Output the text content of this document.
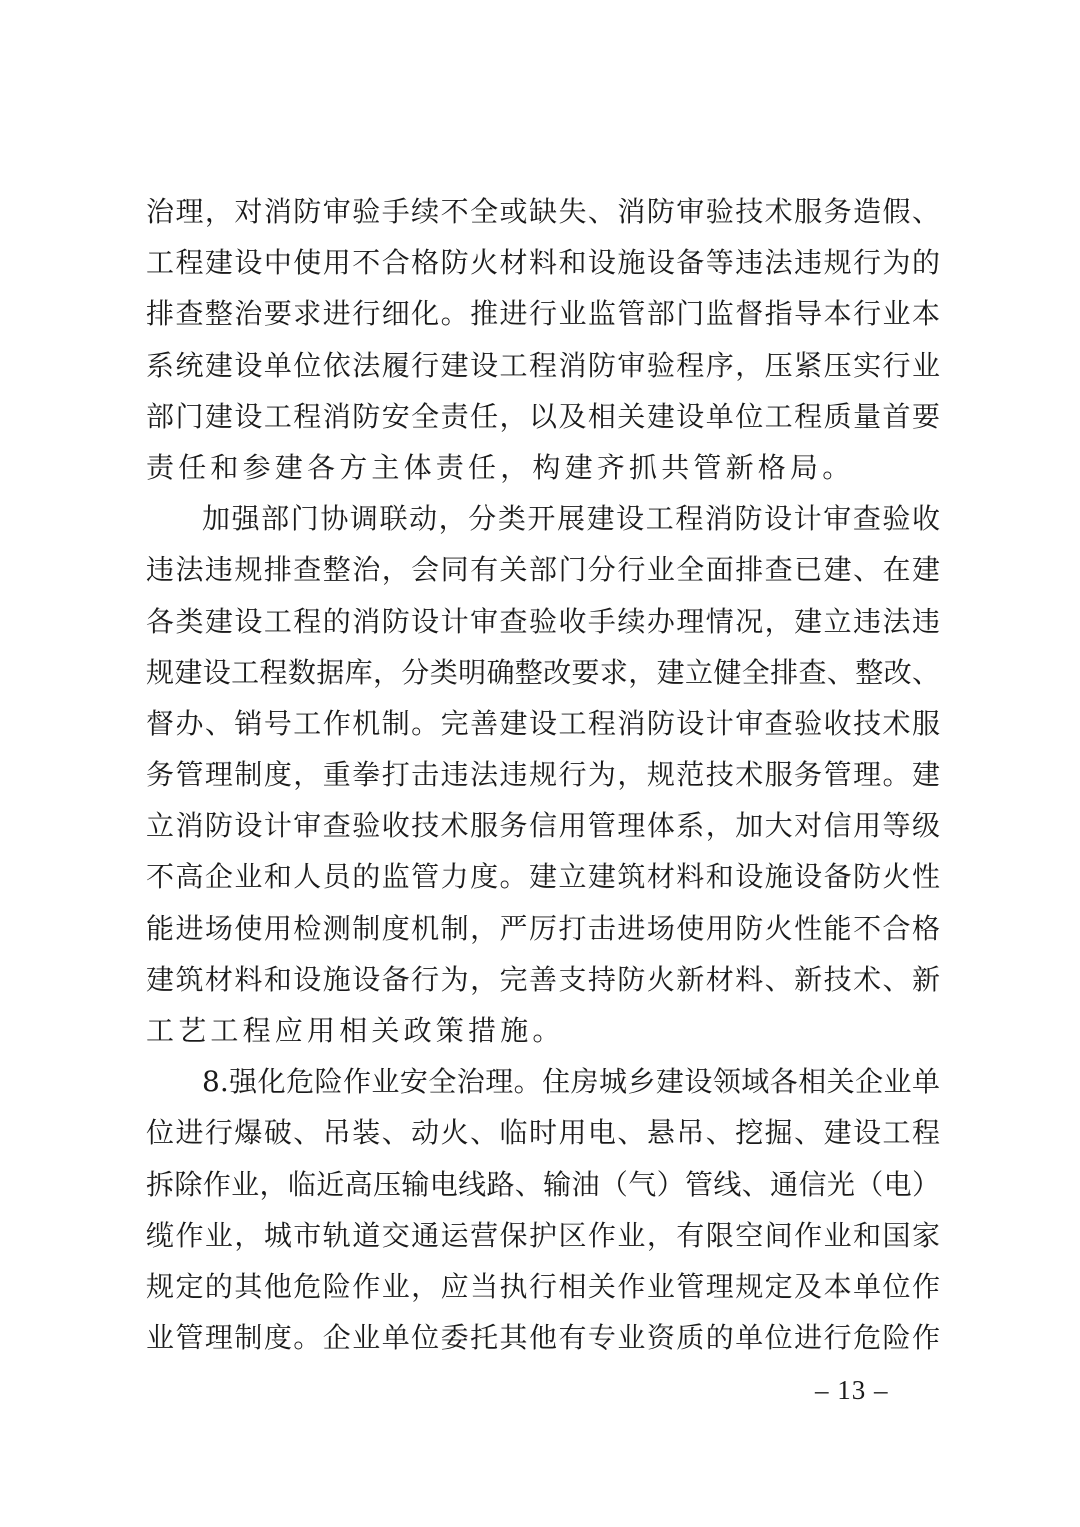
治理，对消防审验手续不全或缺失、消防审验技术服务造假、
工程建设中使用不合格防火材料和设施设备等违法违规行为的
排查整治要求进行细化。推进行业监管部门监督指导本行业本
系统建设单位依法履行建设工程消防审验程序，压紧压实行业
部门建设工程消防安全责任，以及相关建设单位工程质量首要
责任和参建各方主体责任，构建齐抓共管新格局。
加强部门协调联动，分类开展建设工程消防设计审查验收
违法违规排查整治，会同有关部门分行业全面排查已建、在建
各类建设工程的消防设计审查验收手续办理情况，建立违法违
规建设工程数据库，分类明确整改要求，建立健全排查、整改、
督办、销号工作机制。完善建设工程消防设计审查验收技术服
务管理制度，重拳打击违法违规行为，规范技术服务管理。建
立消防设计审查验收技术服务信用管理体系，加大对信用等级
不高企业和人员的监管力度。建立建筑材料和设施设备防火性
能进场使用检测制度机制，严厉打击进场使用防火性能不合格
建筑材料和设施设备行为，完善支持防火新材料、新技术、新
工艺工程应用相关政策措施。
8.强化危险作业安全治理。住房城乡建设领域各相关企业单
位进行爆破、吊装、动火、临时用电、悬吊、挖掘、建设工程
拆除作业，临近高压输电线路、输油（气）管线、通信光（电）
缆作业，城市轨道交通运营保护区作业，有限空间作业和国家
规定的其他危险作业，应当执行相关作业管理规定及本单位作
业管理制度。企业单位委托其他有专业资质的单位进行危险作
– 13 –
